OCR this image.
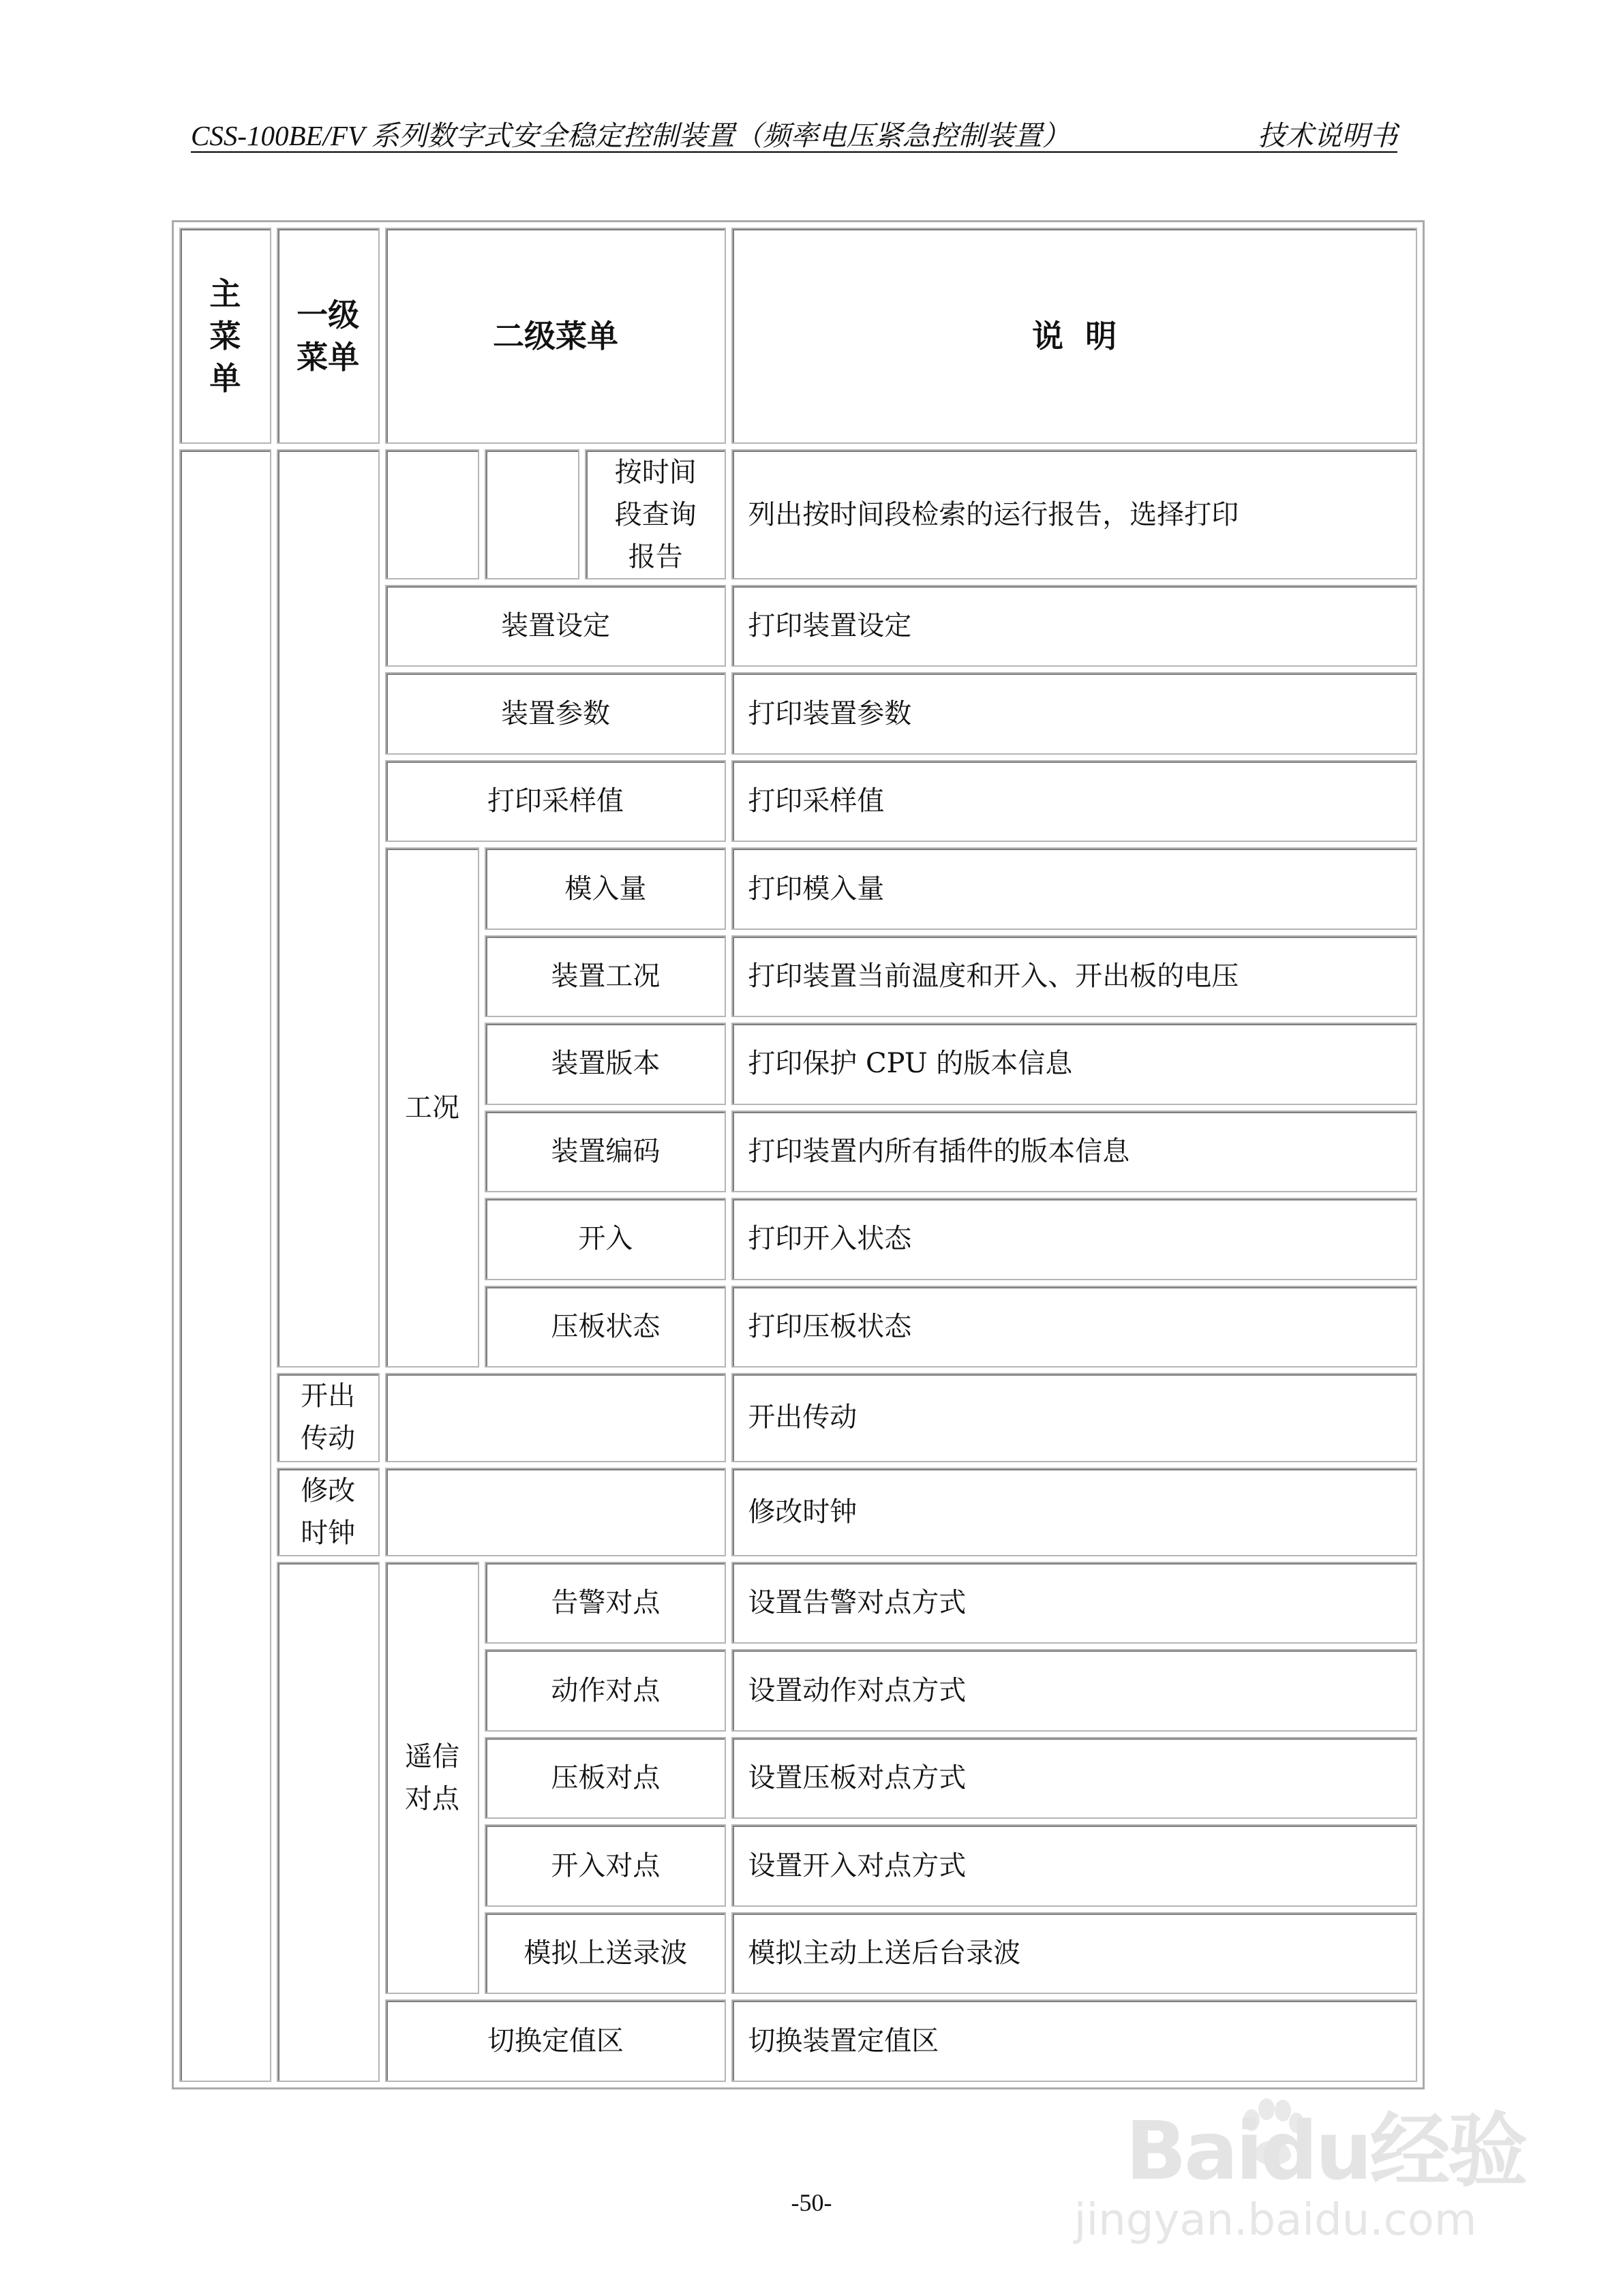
CSS-100BE/FV 系列数字式安全稳定控制装置（频率电压紧急控制装置）	技术说明书
主菜单	一级菜单	二级菜单			说  明

				按时间段查询报告	列出按时间段检索的运行报告，选择打印
		装置设定			打印装置设定
		装置参数			打印装置参数
		打印采样值			打印采样值
		工况	模入量		打印模入量
			装置工况		打印装置当前温度和开入、开出板的电压
			装置版本		打印保护 CPU 的版本信息
			装置编码		打印装置内所有插件的版本信息
			开入		打印开入状态
			压板状态		打印压板状态

	开出传动				开出传动

	修改时钟				修改时钟

		遥信对点	告警对点		设置告警对点方式
			动作对点		设置动作对点方式
			压板对点		设置压板对点方式
			开入对点		设置开入对点方式
			模拟上送录波		模拟主动上送后台录波
		切换定值区			切换装置定值区
Baidu经验
jingyan.baidu.com
-50-
